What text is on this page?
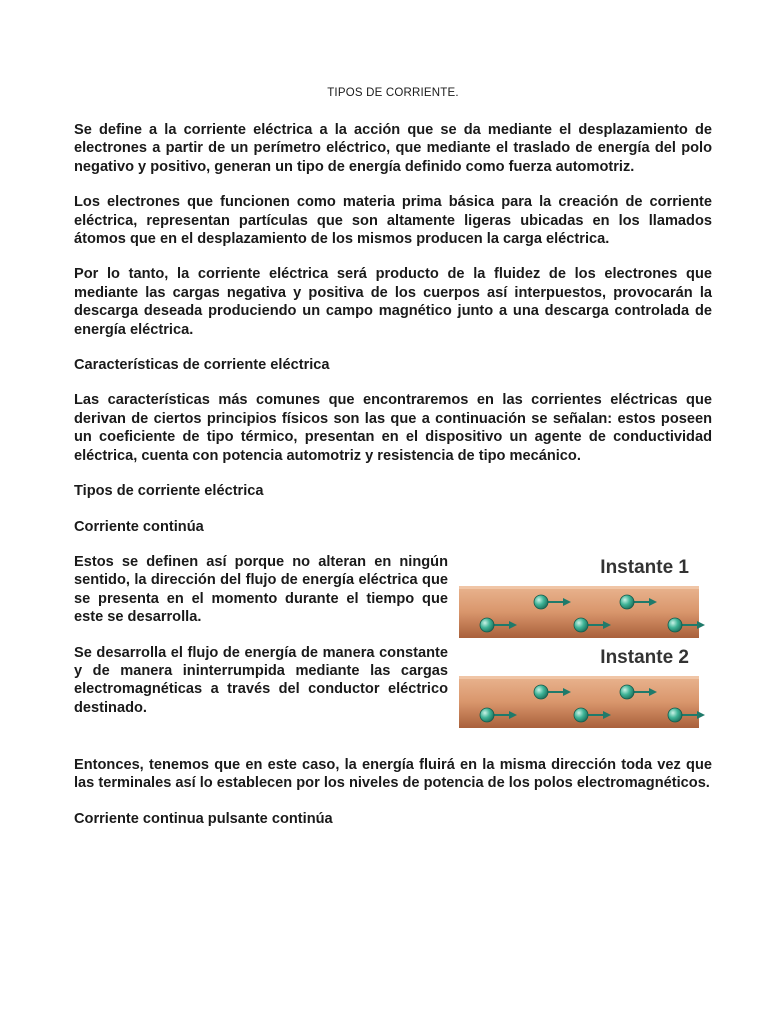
TIPOS DE CORRIENTE.

Se define a la corriente eléctrica a la acción que se da mediante el desplazamiento de electrones a partir de un perímetro eléctrico, que mediante el traslado de energía del polo negativo y positivo, generan un tipo de energía definido como fuerza automotriz.

Los electrones que funcionen como materia prima básica para la creación de corriente eléctrica, representan partículas que son altamente ligeras ubicadas en los llamados átomos que en el desplazamiento de los mismos producen la carga eléctrica.

Por lo tanto, la corriente eléctrica será producto de la fluidez de los electrones que mediante las cargas negativa y positiva de los cuerpos así interpuestos, provocarán la descarga deseada produciendo un campo magnético junto a una descarga controlada de energía eléctrica.

Características de corriente eléctrica

Las características más comunes que encontraremos en las corrientes eléctricas que derivan de ciertos principios físicos son las que a continuación se señalan: estos poseen un coeficiente de tipo térmico, presentan en el dispositivo un agente de conductividad eléctrica, cuenta con potencia automotriz y resistencia de tipo mecánico.

Tipos de corriente eléctrica

Corriente continúa

Estos se definen así porque no alteran en ningún sentido, la dirección del flujo de energía eléctrica que se presenta en el momento durante el tiempo que este se desarrolla.

Se desarrolla el flujo de energía de manera constante y de manera ininterrumpida mediante las cargas electromagnéticas a través del conductor eléctrico destinado.

Instante 1
Instante 2

Entonces, tenemos que en este caso, la energía fluirá en la misma dirección toda vez que las terminales así lo establecen por los niveles de potencia de los polos electromagnéticos.

Corriente continua pulsante continúa
